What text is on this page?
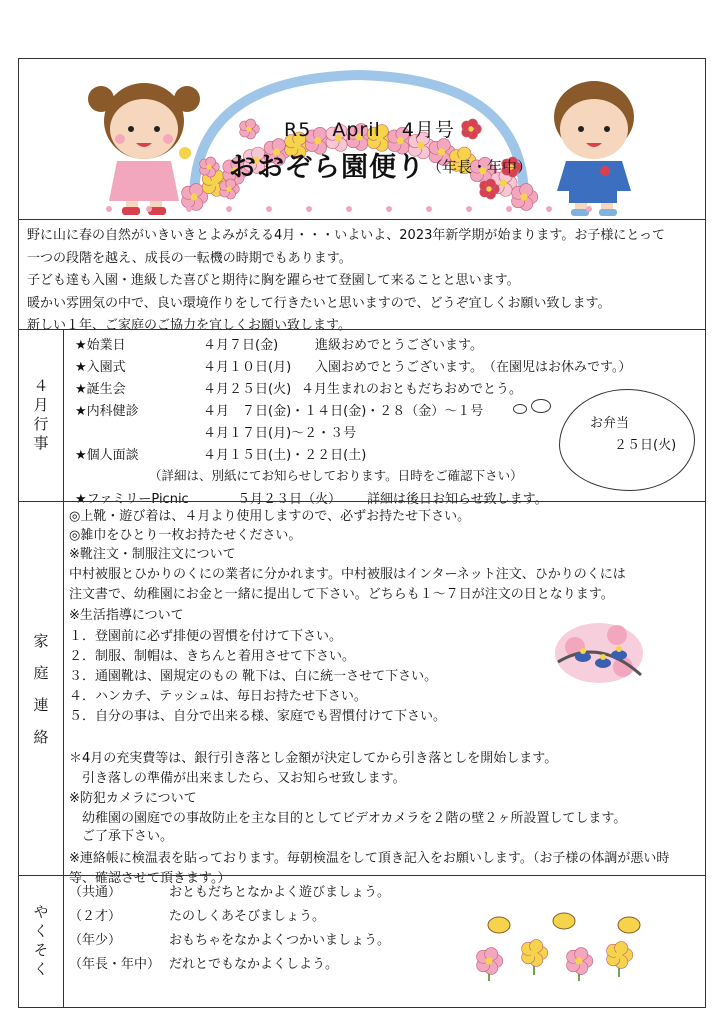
R5 April 4月号
おおぞら園便り （年長・年中）
野に山に春の自然がいきいきとよみがえる4月・・・いよいよ、2023年新学期が始まります。お子様にとって
一つの段階を越え、成長の一転機の時期でもあります。
子ども達も入園・進級した喜びと期待に胸を躍らせて登園して来ることと思います。
暖かい雰囲気の中で、良い環境作りをして行きたいと思いますので、どうぞ宜しくお願い致します。
新しい１年、ご家庭のご協力を宜しくお願い致します。
４月行事
★始業日	４月７日(金)	進級おめでとうございます。
★入園式	４月１０日(月) 入園おめでとうございます。　（在園児はお休みです。）
★誕生会	４月２５日(火) ４月生まれのおともだちおめでとう。
★内科健診	４月　７日(金)・１４日(金)・２８（金）～１号
４月１７日(月)～２・３号
★個人面談	４月１５日(土)・２２日(土)
（詳細は、別紙にてお知らせしております。日時をご確認下さい）
★ファミリーPicnic	５月２３日（火） 詳細は後日お知らせ致します。
お弁当
２５日(火)
家
庭
連
絡
◎上靴・遊び着は、４月より使用しますので、必ずお持たせ下さい。
◎雑巾をひとり一枚お持たせください。
※靴注文・制服注文について
中村被服とひかりのくにの業者に分かれます。中村被服はインターネット注文、ひかりのくには
注文書で、幼稚園にお金と一緒に提出して下さい。どちらも１～７日が注文の日となります。
※生活指導について
１．登園前に必ず排便の習慣を付けて下さい。
２．制服、制帽は、きちんと着用させて下さい。
３．通園靴は、園規定のもの 靴下は、白に統一させて下さい。
４．ハンカチ、テッシュは、毎日お持たせ下さい。
５．自分の事は、自分で出来る様、家庭でも習慣付けて下さい。
＊4月の充実費等は、銀行引き落とし金額が決定してから引き落としを開始します。
　引き落しの準備が出来ましたら、又お知らせ致します。
※防犯カメラについて
　幼稚園の園庭での事故防止を主な目的としてビデオカメラを２階の壁２ヶ所設置してします。
　ご了承下さい。
※連絡帳に検温表を貼っております。毎朝検温をして頂き記入をお願いします。（お子様の体調が悪い時
等、確認させて頂きます。）
やくそく
（共通）	おともだちとなかよく遊びましょう。
（２才）	たのしくあそびましょう。
（年少）	おもちゃをなかよくつかいましょう。
（年長・年中） だれとでもなかよくしよう。
